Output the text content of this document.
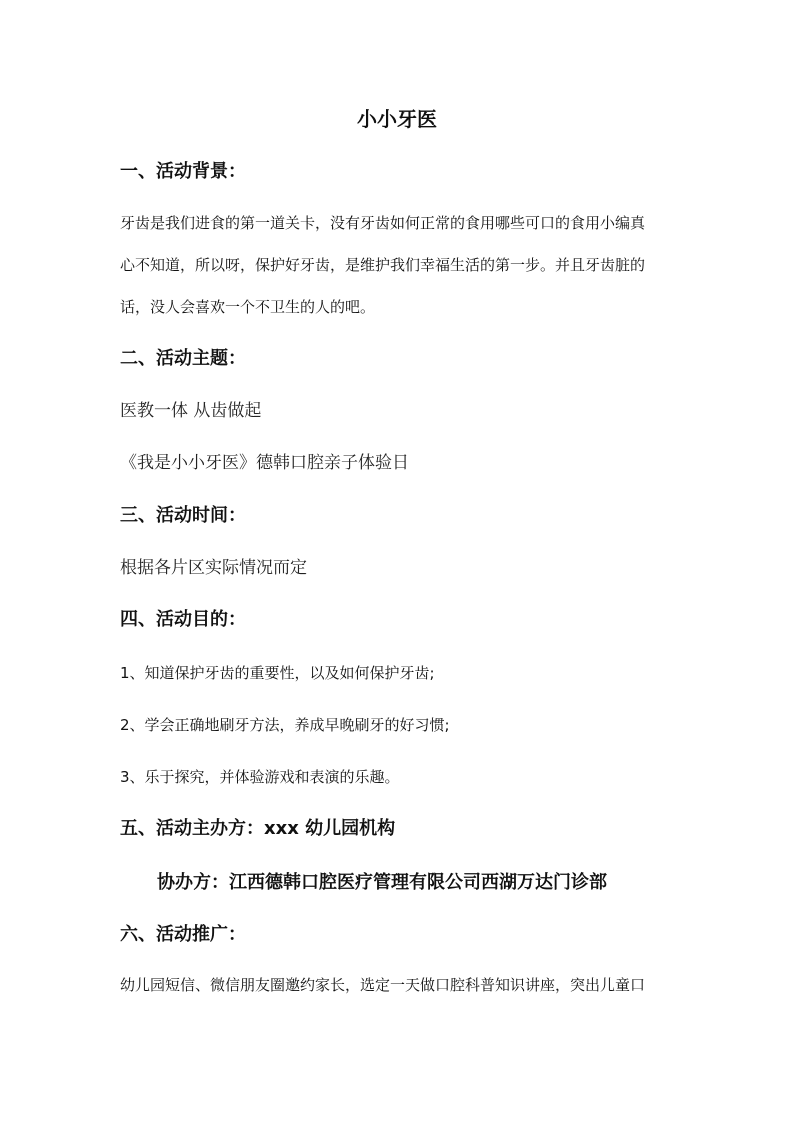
小小牙医
一、活动背景：

牙齿是我们进食的第一道关卡，没有牙齿如何正常的食用哪些可口的食用小编真
心不知道，所以呀，保护好牙齿，是维护我们幸福生活的第一步。并且牙齿脏的
话，没人会喜欢一个不卫生的人的吧。

二、活动主题：

医教一体 从齿做起

《我是小小牙医》德韩口腔亲子体验日

三、活动时间：

根据各片区实际情况而定

四、活动目的：

1、知道保护牙齿的重要性，以及如何保护牙齿;

2、学会正确地刷牙方法，养成早晚刷牙的好习惯;

3、乐于探究，并体验游戏和表演的乐趣。

五、活动主办方：xxx 幼儿园机构
协办方：江西德韩口腔医疗管理有限公司西湖万达门诊部
六、活动推广：

幼儿园短信、微信朋友圈邀约家长，选定一天做口腔科普知识讲座，突出儿童口
